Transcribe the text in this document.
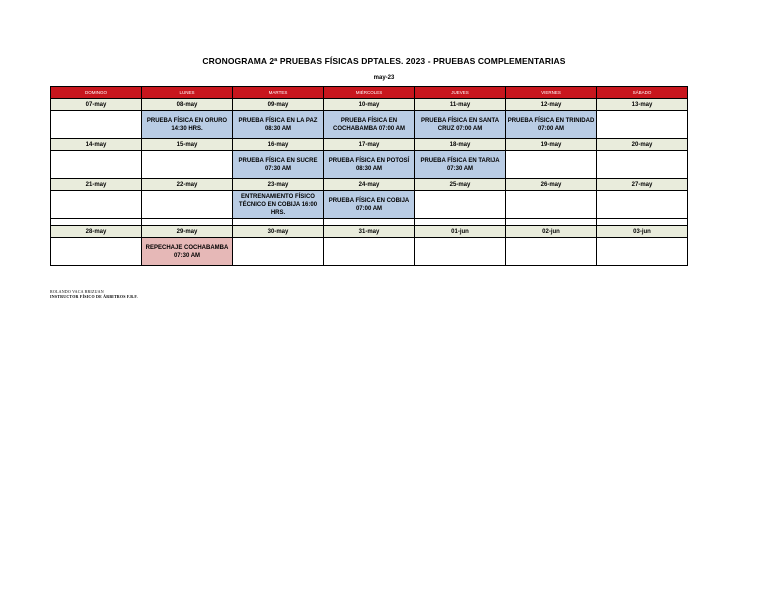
CRONOGRAMA 2ª PRUEBAS FÍSICAS DPTALES. 2023 - PRUEBAS COMPLEMENTARIAS
may-23
DOMINGO	LUNES	MARTES	MIÉRCOLES	JUEVES	VIERNES	SÁBADO
07-may	08-may	09-may	10-may	11-may	12-may	13-may
	PRUEBA FÍSICA EN ORURO 14:30 HRS.	PRUEBA FÍSICA EN LA PAZ 08:30 AM	PRUEBA FÍSICA EN COCHABAMBA 07:00 AM	PRUEBA FÍSICA EN SANTA CRUZ 07:00 AM	PRUEBA FÍSICA EN TRINIDAD 07:00 AM	
14-may	15-may	16-may	17-may	18-may	19-may	20-may
		PRUEBA FÍSICA EN SUCRE 07:30 AM	PRUEBA FÍSICA EN POTOSÍ 08:30 AM	PRUEBA FÍSICA EN TARIJA 07:30 AM		
21-may	22-may	23-may	24-may	25-may	26-may	27-may
		ENTRENAMIENTO FÍSICO TÉCNICO EN COBIJA 16:00 HRS.	PRUEBA FÍSICA EN COBIJA 07:00 AM			

28-may	29-may	30-may	31-may	01-jun	02-jun	03-jun
	REPECHAJE COCHABAMBA 07:30 AM					
ROLANDO VACA BRIZUAN
INSTRUCTOR FÍSICO DE ÁRBITROS F.B.F.
